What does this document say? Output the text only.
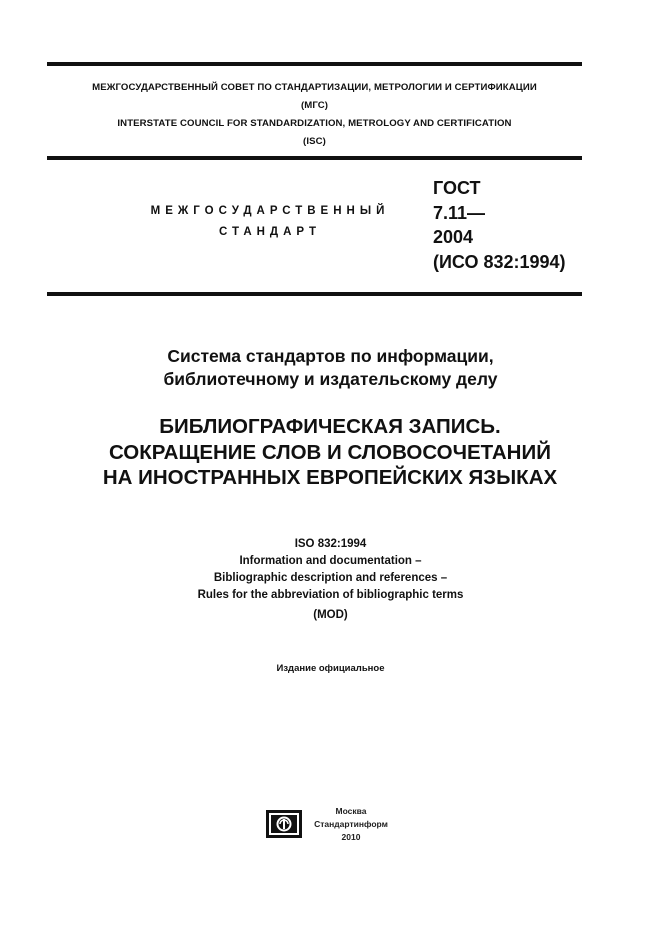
МЕЖГОСУДАРСТВЕННЫЙ СОВЕТ ПО СТАНДАРТИЗАЦИИ, МЕТРОЛОГИИ И СЕРТИФИКАЦИИ
(МГС)
INTERSTATE COUNCIL FOR STANDARDIZATION, METROLOGY AND CERTIFICATION
(ISC)
МЕЖГОСУДАРСТВЕННЫЙ
СТАНДАРТ
ГОСТ
7.11—
2004
(ИСО 832:1994)
Система стандартов по информации,
библиотечному и издательскому делу
БИБЛИОГРАФИЧЕСКАЯ ЗАПИСЬ.
СОКРАЩЕНИЕ СЛОВ И СЛОВОСОЧЕТАНИЙ
НА ИНОСТРАННЫХ ЕВРОПЕЙСКИХ ЯЗЫКАХ
ISO 832:1994
Information and documentation –
Bibliographic description and references –
Rules for the abbreviation of bibliographic terms
(MOD)
Издание официальное
Москва
Стандартинформ
2010
